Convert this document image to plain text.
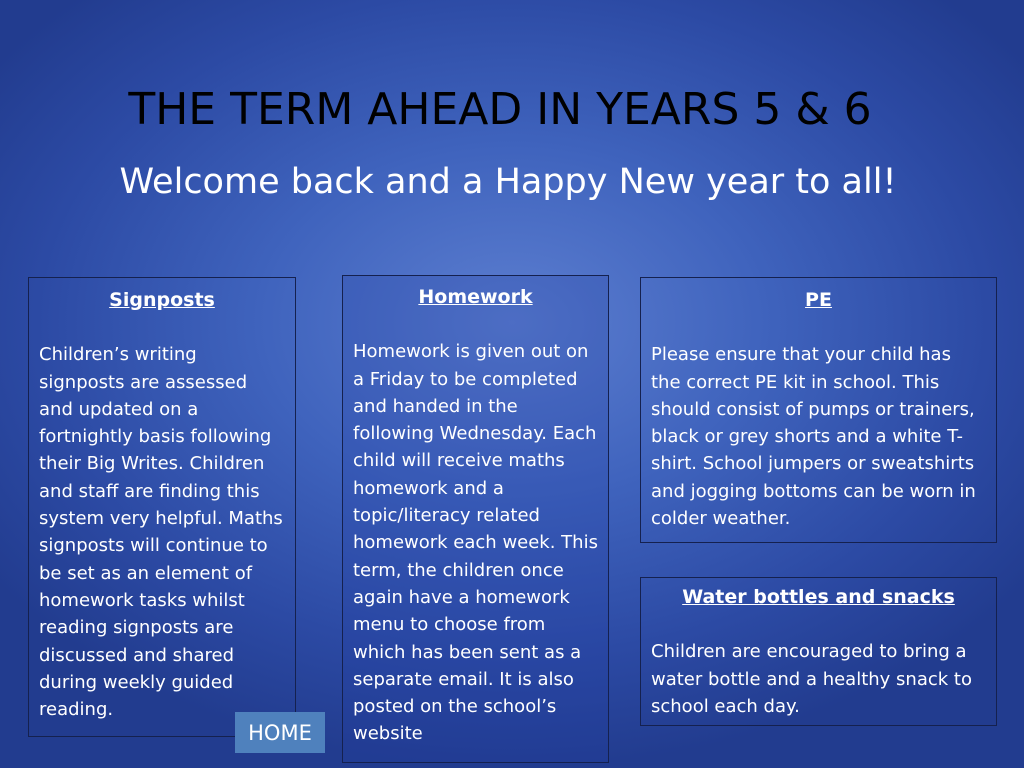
THE TERM AHEAD IN YEARS 5 & 6
Welcome back and a Happy New year to all!
Signposts
Children’s writing signposts are assessed and updated on a fortnightly basis following their Big Writes. Children and staff are finding this system very helpful. Maths signposts will continue to be set as an element of homework tasks whilst reading signposts are discussed and shared during weekly guided reading.
Homework
Homework is given out on a Friday to be completed and handed in the following Wednesday. Each child will receive maths homework and a topic/literacy related homework each week. This term, the children once again have a homework menu to choose from which has been sent as a separate email. It is also posted on the school’s website
PE
Please ensure that your child has the correct PE kit in school. This should consist of pumps or trainers, black or grey shorts and a white T-shirt. School jumpers or sweatshirts and jogging bottoms can be worn in colder weather.
Water bottles and snacks
Children are encouraged to bring a water bottle and a healthy snack to school each day.
HOME
